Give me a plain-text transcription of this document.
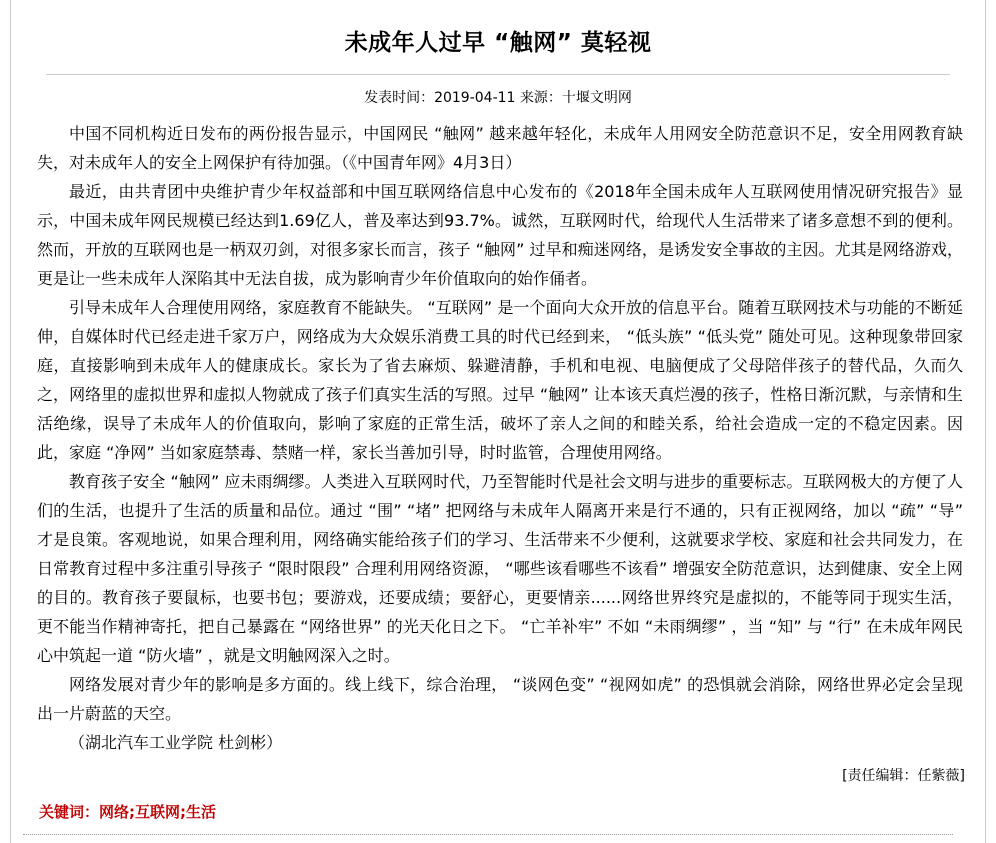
未成年人过早 “触网” 莫轻视
发表时间：2019-04-11 来源：十堰文明网

中国不同机构近日发布的两份报告显示，中国网民 “触网” 越来越年轻化，未成年人用网安全防范意识不足，安全用网教育缺失，对未成年人的安全上网保护有待加强。（《中国青年网》4月3日）

最近，由共青团中央维护青少年权益部和中国互联网络信息中心发布的《2018年全国未成年人互联网使用情况研究报告》显示，中国未成年网民规模已经达到1.69亿人，普及率达到93.7%。诚然，互联网时代，给现代人生活带来了诸多意想不到的便利。然而，开放的互联网也是一柄双刃剑，对很多家长而言，孩子 “触网” 过早和痴迷网络，是诱发安全事故的主因。尤其是网络游戏，更是让一些未成年人深陷其中无法自拔，成为影响青少年价值取向的始作俑者。

引导未成年人合理使用网络，家庭教育不能缺失。 “互联网” 是一个面向大众开放的信息平台。随着互联网技术与功能的不断延伸，自媒体时代已经走进千家万户，网络成为大众娱乐消费工具的时代已经到来， “低头族” “低头党” 随处可见。这种现象带回家庭，直接影响到未成年人的健康成长。家长为了省去麻烦、躲避清静，手机和电视、电脑便成了父母陪伴孩子的替代品，久而久之，网络里的虚拟世界和虚拟人物就成了孩子们真实生活的写照。过早 “触网” 让本该天真烂漫的孩子，性格日渐沉默，与亲情和生活绝缘，误导了未成年人的价值取向，影响了家庭的正常生活，破坏了亲人之间的和睦关系，给社会造成一定的不稳定因素。因此，家庭 “净网” 当如家庭禁毒、禁赌一样，家长当善加引导，时时监管，合理使用网络。

教育孩子安全 “触网” 应未雨绸缪。人类进入互联网时代，乃至智能时代是社会文明与进步的重要标志。互联网极大的方便了人们的生活，也提升了生活的质量和品位。通过 “围” “堵” 把网络与未成年人隔离开来是行不通的，只有正视网络，加以 “疏” “导” 才是良策。客观地说，如果合理利用，网络确实能给孩子们的学习、生活带来不少便利，这就要求学校、家庭和社会共同发力，在日常教育过程中多注重引导孩子 “限时限段” 合理利用网络资源， “哪些该看哪些不该看” 增强安全防范意识，达到健康、安全上网的目的。教育孩子要鼠标，也要书包；要游戏，还要成绩；要舒心，更要情亲......网络世界终究是虚拟的，不能等同于现实生活，更不能当作精神寄托，把自己暴露在 “网络世界” 的光天化日之下。 “亡羊补牢” 不如 “未雨绸缪” ，当 “知” 与 “行” 在未成年网民心中筑起一道 “防火墙” ，就是文明触网深入之时。

网络发展对青少年的影响是多方面的。线上线下，综合治理， “谈网色变” “视网如虎” 的恐惧就会消除，网络世界必定会呈现出一片蔚蓝的天空。

（湖北汽车工业学院 杜剑彬）

[责任编辑：任紫薇]
关键词：网络;互联网;生活
